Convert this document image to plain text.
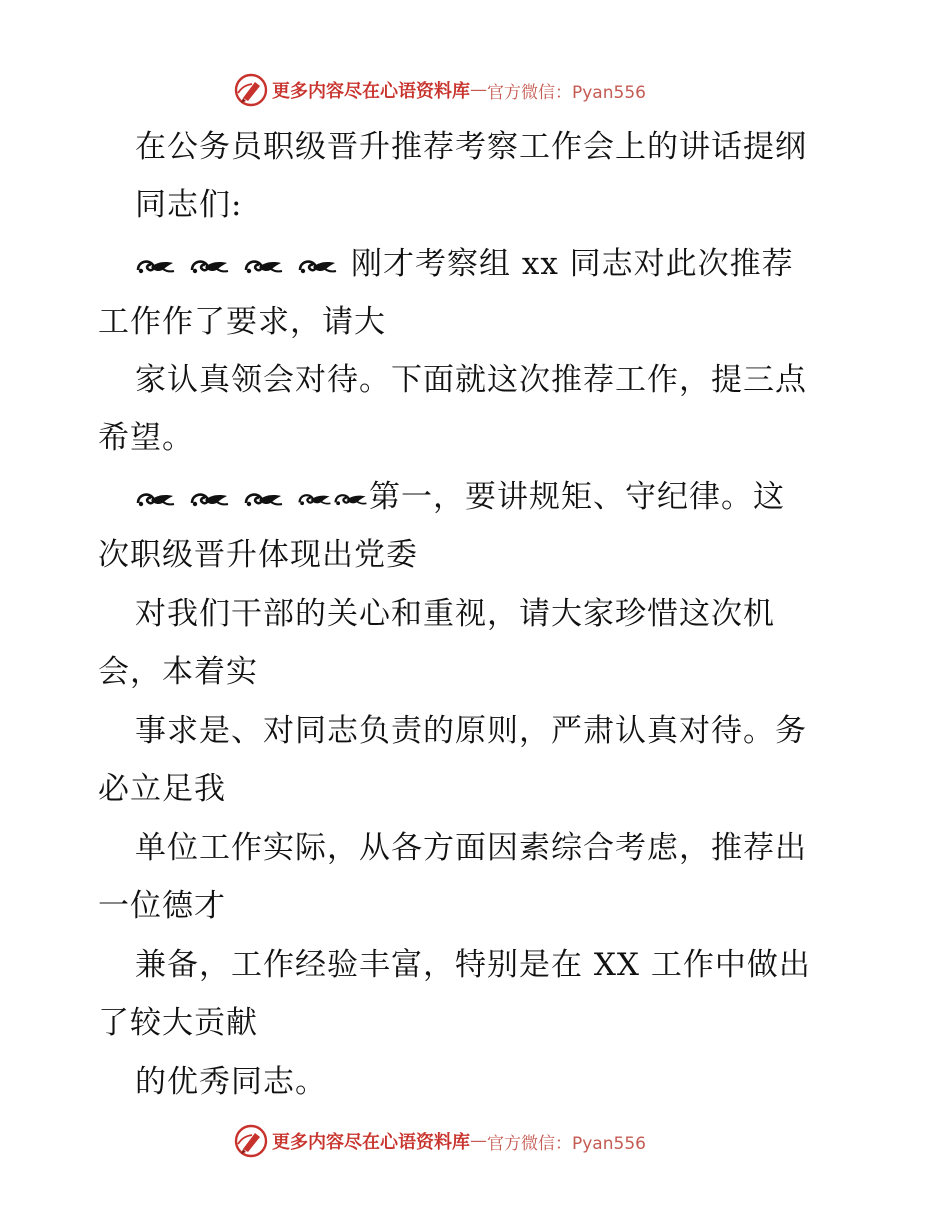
更多内容尽在心语资料库 — 官方微信：Pyan556
在公务员职级晋升推荐考察工作会上的讲话提纲
同志们:
刚才考察组 xx 同志对此次推荐
工作作了要求，请大
家认真领会对待。下面就这次推荐工作，提三点
希望。
第一，要讲规矩、守纪律。这
次职级晋升体现出党委
对我们干部的关心和重视，请大家珍惜这次机
会，本着实
事求是、对同志负责的原则，严肃认真对待。务
必立足我
单位工作实际，从各方面因素综合考虑，推荐出
一位德才
兼备，工作经验丰富，特别是在 XX 工作中做出
了较大贡献
的优秀同志。
更多内容尽在心语资料库 — 官方微信：Pyan556
